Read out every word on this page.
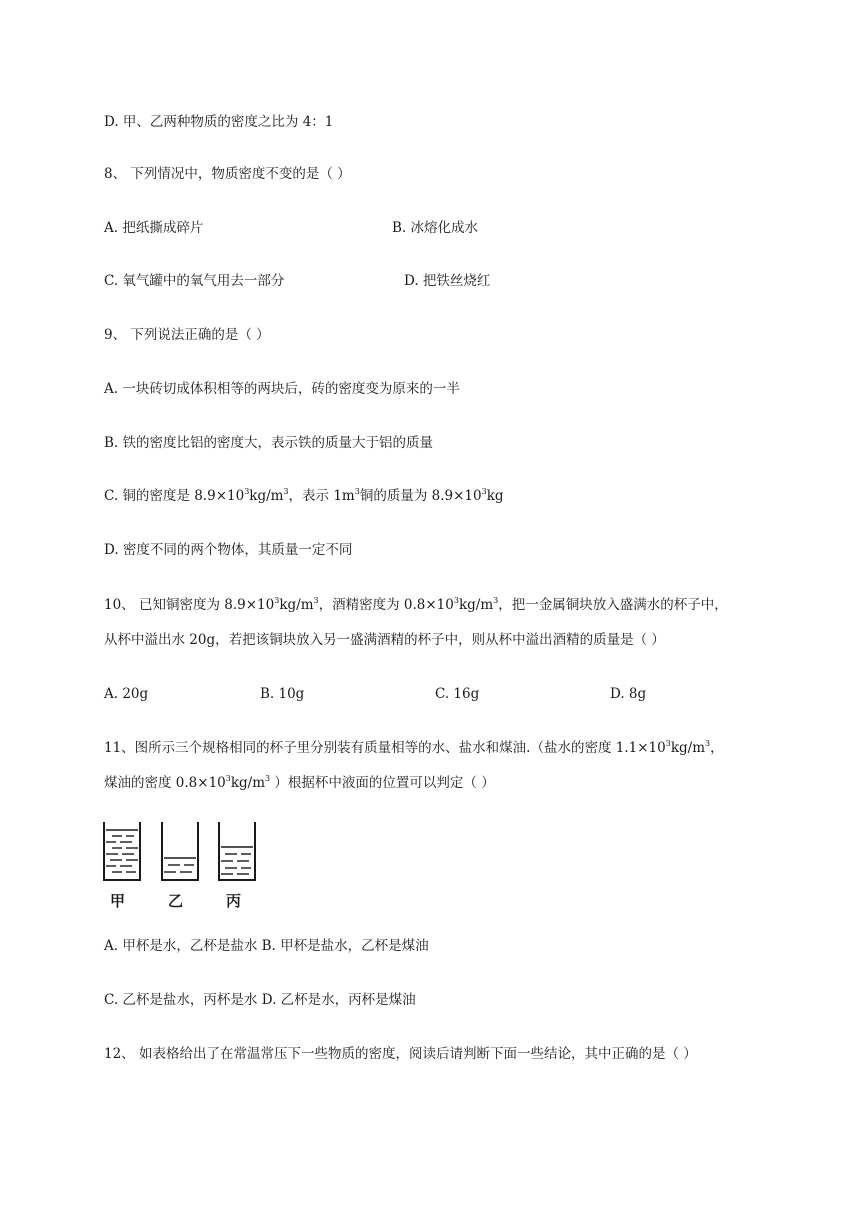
D. 甲、乙两种物质的密度之比为 4：1
8、 下列情况中，物质密度不变的是（ ）
A. 把纸撕成碎片	B. 冰熔化成水
C. 氧气罐中的氧气用去一部分	D. 把铁丝烧红
9、 下列说法正确的是（ ）
A. 一块砖切成体积相等的两块后，砖的密度变为原来的一半
B. 铁的密度比铝的密度大，表示铁的质量大于铝的质量
C. 铜的密度是 $8.9\times 10^3kg/m^3$，表示 $1m^3$铜的质量为 $8.9\times 10^3kg$
D. 密度不同的两个物体，其质量一定不同
10、 已知铜密度为 $8.9\times 10^3kg/m^3$，酒精密度为 $0.8\times 10^3kg/m^3$，把一金属铜块放入盛满水的杯子中，
从杯中溢出水 20g，若把该铜块放入另一盛满酒精的杯子中，则从杯中溢出酒精的质量是（ ）
A. 20g	B. 10g	C. 16g	D. 8g
11、图所示三个规格相同的杯子里分别装有质量相等的水、盐水和煤油.（盐水的密度 $1.1\times 10^3kg/m^3$，
煤油的密度 $0.8\times 10^3kg/m^3$ ）根据杯中液面的位置可以判定（ ）
甲	乙	丙
A. 甲杯是水，乙杯是盐水 B. 甲杯是盐水，乙杯是煤油
C. 乙杯是盐水，丙杯是水 D. 乙杯是水，丙杯是煤油
12、 如表格给出了在常温常压下一些物质的密度，阅读后请判断下面一些结论，其中正确的是（ ）
